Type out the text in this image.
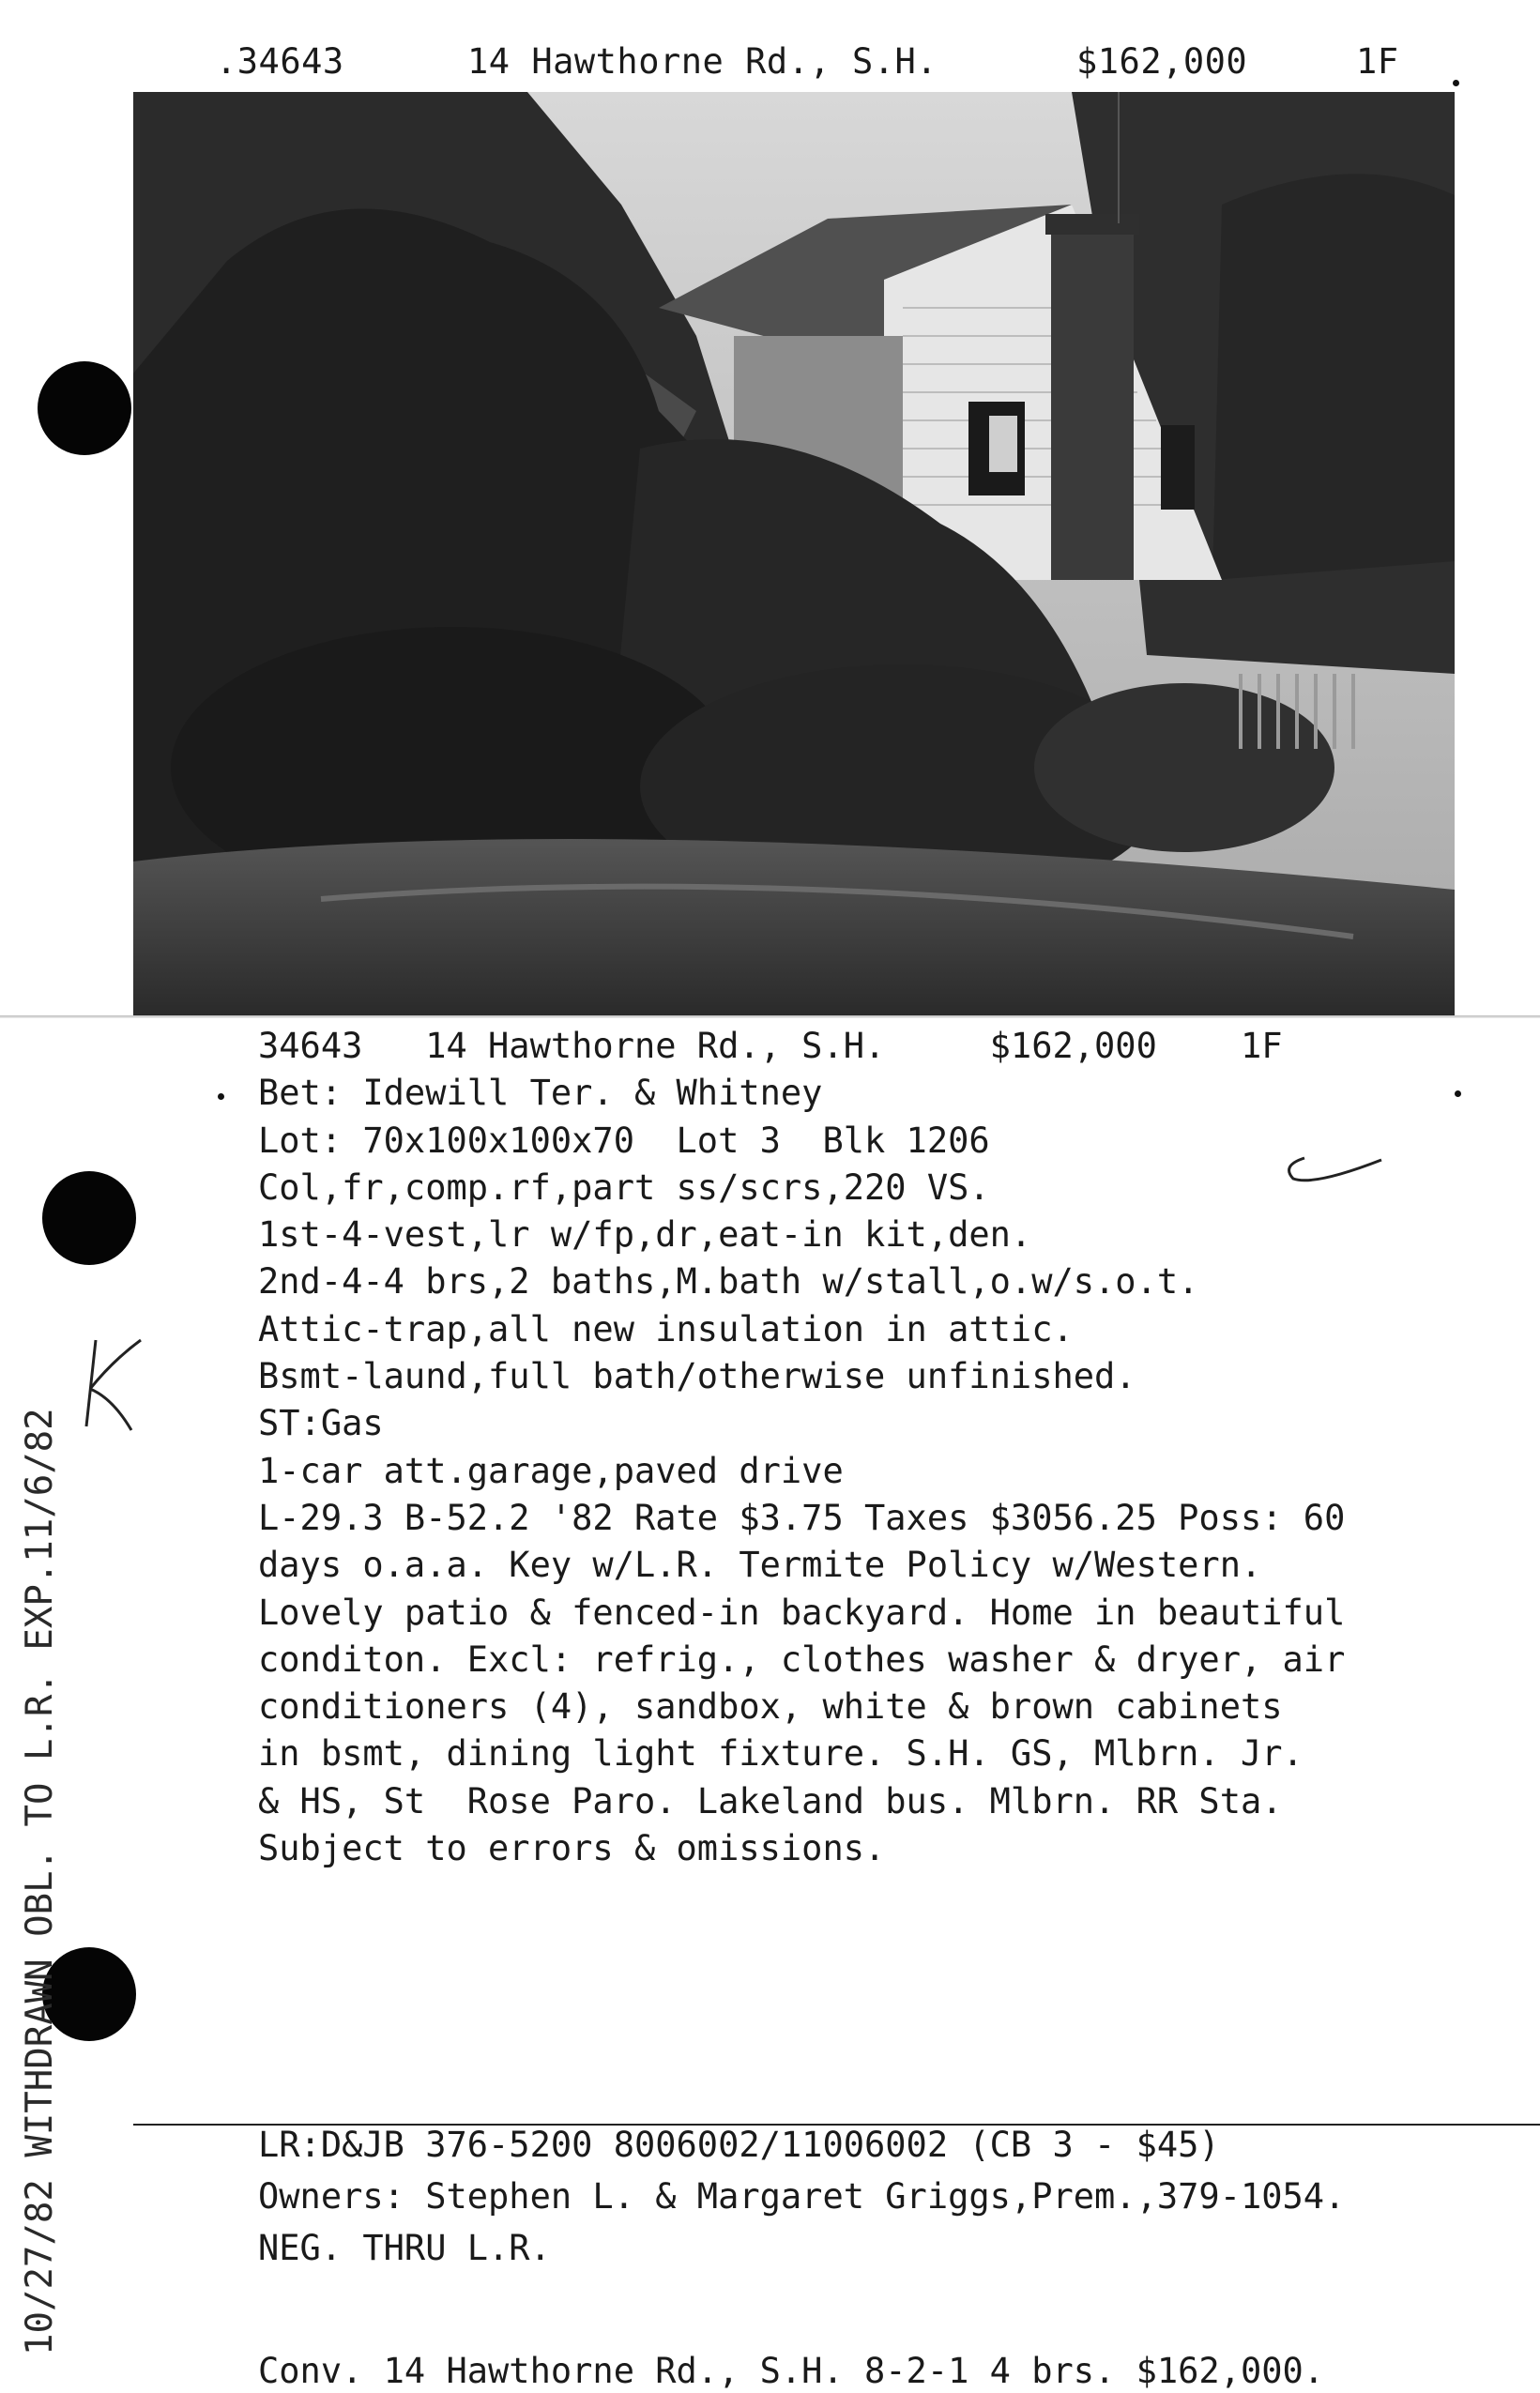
.34643

	14 Hawthorne Rd., S.H.

	$162,000

	1F

34643   14 Hawthorne Rd., S.H.     $162,000    1F
Bet: Idewill Ter. & Whitney
Lot: 70x100x100x70  Lot 3  Blk 1206
Col,fr,comp.rf,part ss/scrs,220 VS.
1st-4-vest,lr w/fp,dr,eat-in kit,den.
2nd-4-4 brs,2 baths,M.bath w/stall,o.w/s.o.t.
Attic-trap,all new insulation in attic.
Bsmt-laund,full bath/otherwise unfinished.
ST:Gas
1-car att.garage,paved drive
L-29.3 B-52.2 '82 Rate $3.75 Taxes $3056.25 Poss: 60
days o.a.a. Key w/L.R. Termite Policy w/Western.
Lovely patio & fenced-in backyard. Home in beautiful
conditon. Excl: refrig., clothes washer & dryer, air
conditioners (4), sandbox, white & brown cabinets
in bsmt, dining light fixture. S.H. GS, Mlbrn. Jr.
& HS, St  Rose Paro. Lakeland bus. Mlbrn. RR Sta.
Subject to errors & omissions.
10/27/82 WITHDRAWN OBL. TO L.R. EXP.11/6/82	LR:D&JB 376-5200 8006002/11006002 (CB 3 - $45)
Owners: Stephen L. & Margaret Griggs,Prem.,379-1054.
NEG. THRU L.R.
Conv. 14 Hawthorne Rd., S.H. 8-2-1 4 brs. $162,000.
